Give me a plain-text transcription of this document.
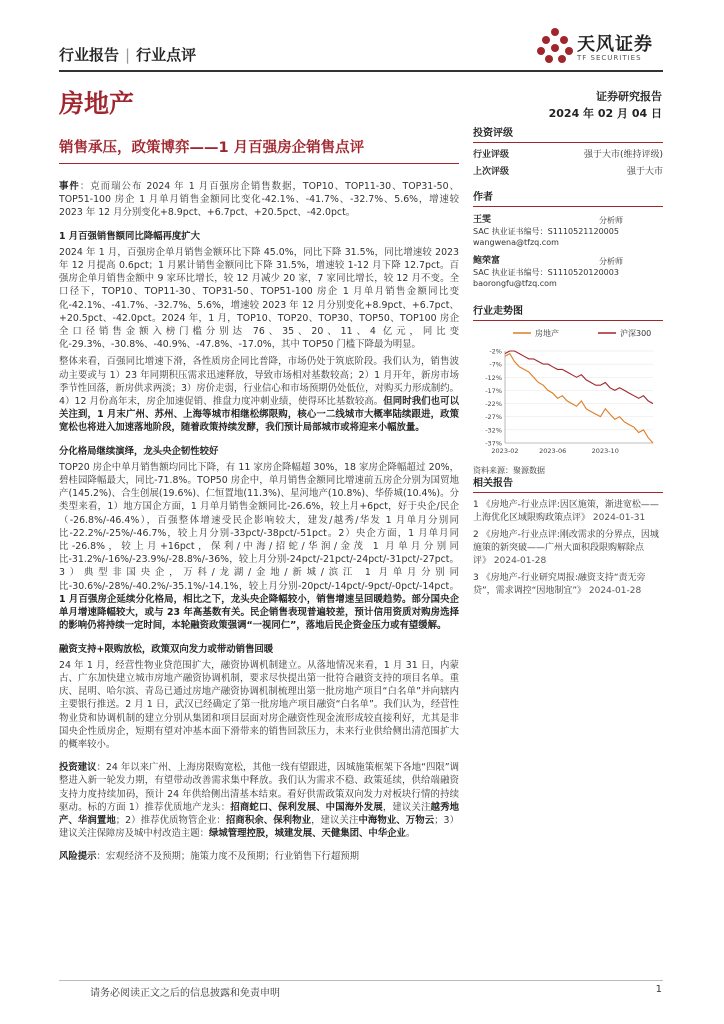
行业报告 | 行业点评	天风证券
TF SECURITIES
房地产	证券研究报告
2024 年 02 月 04 日
销售承压，政策博弈——1 月百强房企销售点评

事件：克而瑞公布 2024 年 1 月百强房企销售数据，TOP10、TOP11-30、TOP31-50、TOP51-100 房企 1 月单月销售金额同比变化-42.1%、-41.7%、-32.7%、5.6%，增速较 2023 年 12 月分别变化+8.9pct、+6.7pct、+20.5pct、-42.0pct。

1 月百强销售额同比降幅再度扩大

2024 年 1 月，百强房企单月销售金额环比下降 45.0%，同比下降 31.5%，同比增速较 2023 年 12 月提高 0.6pct；1 月累计销售金额同比下降 31.5%，增速较 1-12 月下降 12.7pct。百强房企单月销售金额中 9 家环比增长，较 12 月减少 20 家，7 家同比增长，较 12 月不变。全口径下，TOP10、TOP11-30、TOP31-50、TOP51-100 房企 1 月单月销售金额同比变化-42.1%、-41.7%、-32.7%、5.6%，增速较 2023 年 12 月分别变化+8.9pct、+6.7pct、+20.5pct、-42.0pct。2024 年，1 月，TOP10、TOP20、TOP30、TOP50、TOP100 房企全口径销售金额入榜门槛分别达 76、35、20、11、4 亿元，同比变化-29.3%、-30.8%、-40.9%、-47.8%、-17.0%，其中 TOP50 门槛下降最为明显。

整体来看，百强同比增速下滑，各性质房企同比普降，市场仍处于筑底阶段。我们认为，销售波动主要或与 1）23 年同期积压需求迅速释放，导致市场相对基数较高；2）1 月开年，新房市场季节性回落，新房供求两淡；3）房价走弱，行业信心和市场预期仍处低位，对购买力形成制约。4）12 月份高年末，房企加速促销、推盘力度冲刺业绩，使得环比基数较高。但同时我们也可以关注到，1 月末广州、苏州、上海等城市相继松绑限购，核心一二线城市大概率陆续跟进，政策宽松也将进入加速落地阶段，随着政策持续发酵，我们预计局部城市或将迎来小幅放量。

分化格局继续演绎，龙头央企韧性较好

TOP20 房企中单月销售额均同比下降，有 11 家房企降幅超 30%，18 家房企降幅超过 20%，碧桂园降幅最大，同比-71.8%。TOP50 房企中，单月销售金额同比增速前五房企分别为国贸地产(145.2%)、合生创展(19.6%)、仁恒置地(11.3%)、星河地产(10.8%)、华侨城(10.4%)。分类型来看，1）地方国企方面，1 月单月销售金额同比-26.6%，较上月+6pct，好于央企/民企（-26.8%/-46.4%），百强整体增速受民企影响较大，建发/越秀/华发 1 月单月分别同比-22.2%/-25%/-46.7%，较上月分别-33pct/-38pct/-51pct。2）央企方面，1 月单月同比-26.8%，较上月+16pct，保利/中海/招蛇/华润/金茂 1 月单月分别同比-31.2%/-16%/-23.9%/-28.8%/-36%，较上月分别-24pct/-21pct/-24pct/-31pct/-27pct。3）典型非国央企，万科/龙湖/金地/新城/滨江 1 月单月分别同比-30.6%/-28%/-40.2%/-35.1%/-14.1%，较上月分别-20pct/-14pct/-9pct/-0pct/-14pct。1 月百强房企延续分化格局，相比之下，龙头央企降幅较小，销售增速呈回暖趋势。部分国央企单月增速降幅较大，或与 23 年高基数有关。民企销售表现普遍较差，预计信用资质对购房选择的影响仍将持续一定时间，本轮融资政策强调“一视同仁”，落地后民企资金压力或有望缓解。

融资支持+限购放松，政策双向发力或带动销售回暖

24 年 1 月，经营性物业贷范围扩大，融资协调机制建立。从落地情况来看，1 月 31 日，内蒙古、广东加快建立城市房地产融资协调机制，要求尽快提出第一批符合融资支持的项目名单。重庆、昆明、哈尔滨、青岛已通过房地产融资协调机制梳理出第一批房地产项目“白名单”并向辖内主要银行推送。2 月 1 日，武汉已经确定了第一批房地产项目融资“白名单”。我们认为，经营性物业贷和协调机制的建立分别从集团和项目层面对房企融资性现金流形成较直接利好，尤其是非国央企性质房企，短期有望对冲基本面下滑带来的销售回款压力，未来行业供给侧出清范围扩大的概率较小。

投资建议：24 年以来广州、上海房限购宽松，其他一线有望跟进，因城施策框架下各地“四限”调整进入新一轮发力期，有望带动改善需求集中释放。我们认为需求不稳、政策延续，供给端融资支持力度持续加码，预计 24 年供给侧出清基本结束。看好供需政策双向发力对板块行情的持续驱动。标的方面 1）推荐优质地产龙头：招商蛇口、保利发展、中国海外发展，建议关注越秀地产、华润置地；2）推荐优质物管企业：招商积余、保利物业，建议关注中海物业、万物云；3）建议关注保障房及城中村改造主题：绿城管理控股，城建发展、天健集团、中华企业。

风险提示：宏观经济不及预期；施策力度不及预期；行业销售下行超预期

投资评级
行业评级	强于大市(维持评级)
上次评级	强于大市
作者
王雯	分析师
SAC 执业证书编号：S1110521120005
wangwena@tfzq.com
鲍荣富	分析师
SAC 执业证书编号：S1110520120003
baorongfu@tfzq.com
行业走势图
房地产	沪深300
-2%
-7%
-12%
-17%
-22%
-27%
-32%
-37%
2023-02	2023-06	2023-10
资料来源：聚源数据
相关报告
1 《房地产-行业点评:因区施策，渐进宽松——上海优化区域限购政策点评》 2024-01-31
2 《房地产-行业点评:刚改需求的分界点，因城施策的新突破——广州大面积段限购解除点评》 2024-01-28
3 《房地产-行业研究周报:融资支持“责无旁贷”，需求调控“因地制宜”》 2024-01-28
请务必阅读正文之后的信息披露和免责申明	1
